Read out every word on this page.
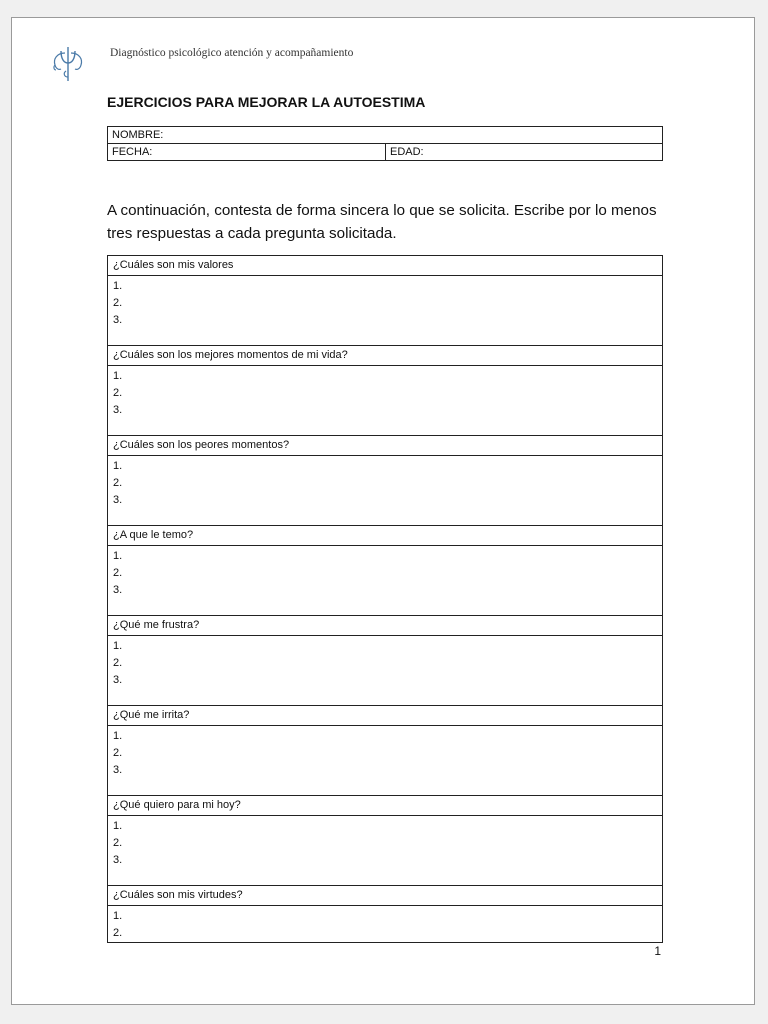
Diagnóstico psicológico atención y acompañamiento
EJERCICIOS PARA MEJORAR LA AUTOESTIMA
NOMBRE:
FECHA:	EDAD:

A continuación, contesta de forma sincera lo que se solicita. Escribe por lo menos tres respuestas a cada pregunta solicitada.

¿Cuáles son mis valores

1.
2.
3.

¿Cuáles son los mejores momentos de mi vida?

1.
2.
3.

¿Cuáles son los peores momentos?

1.
2.
3.

¿A que le temo?

1.
2.
3.

¿Qué me frustra?

1.
2.
3.

¿Qué me irrita?

1.
2.
3.

¿Qué quiero para mi hoy?

1.
2.
3.

¿Cuáles son mis virtudes?

1.
2.
1
